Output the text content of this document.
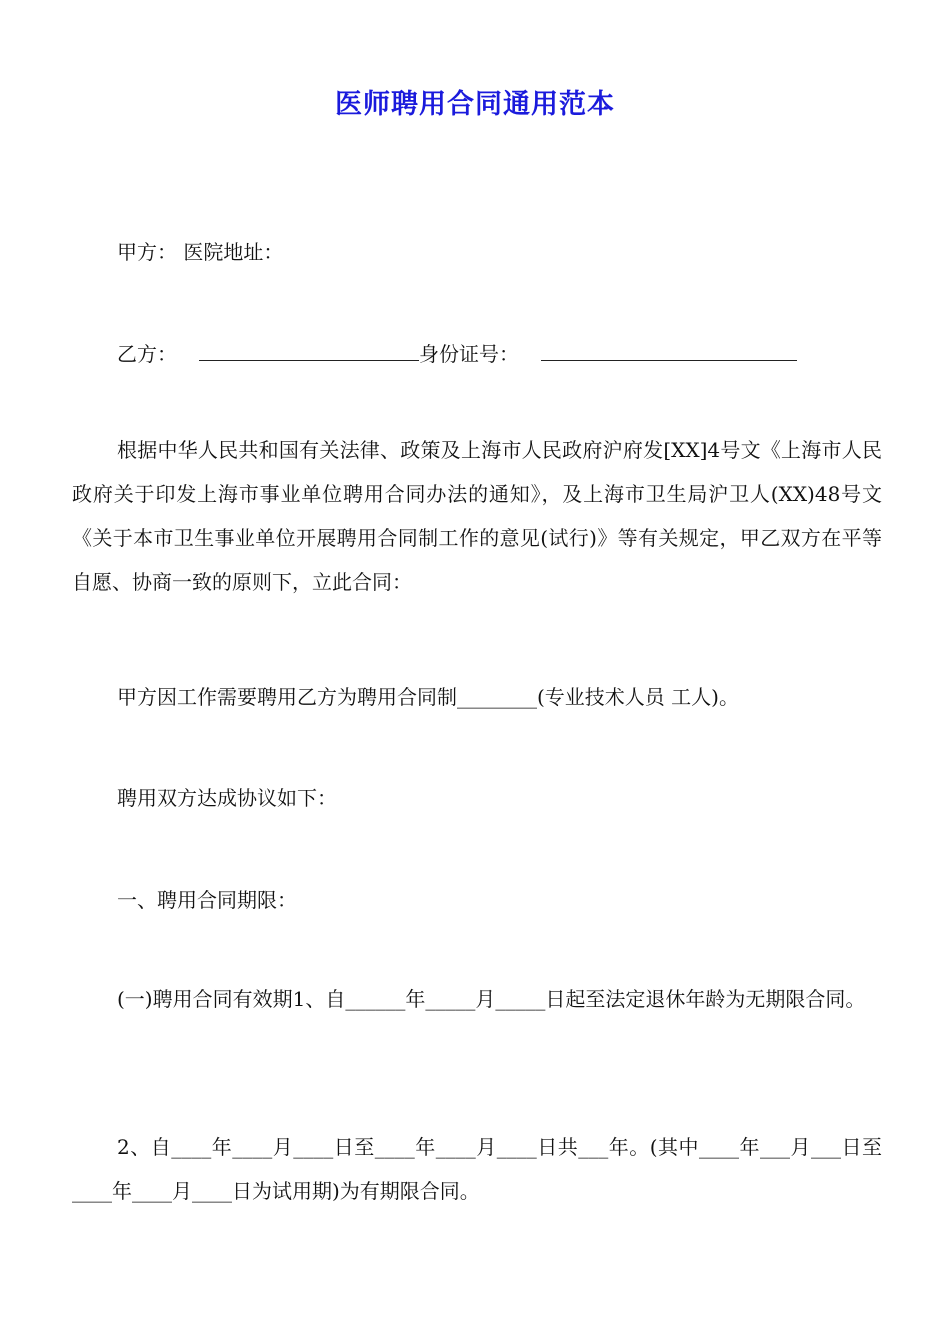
医师聘用合同通用范本
甲方： 医院地址：
乙方：	身份证号：
根据中华人民共和国有关法律、政策及上海市人民政府沪府发[XX]4号文《上海市人民政府关于印发上海市事业单位聘用合同办法的通知》，及上海市卫生局沪卫人(XX)48号文《关于本市卫生事业单位开展聘用合同制工作的意见(试行)》等有关规定，甲乙双方在平等自愿、协商一致的原则下，立此合同：
甲方因工作需要聘用乙方为聘用合同制________(专业技术人员 工人)。
聘用双方达成协议如下：
一、聘用合同期限：
(一)聘用合同有效期1、自______年_____月_____日起至法定退休年龄为无期限合同。
2、自____年____月____日至____年____月____日共___年。(其中____年___月___日至____年____月____日为试用期)为有期限合同。
